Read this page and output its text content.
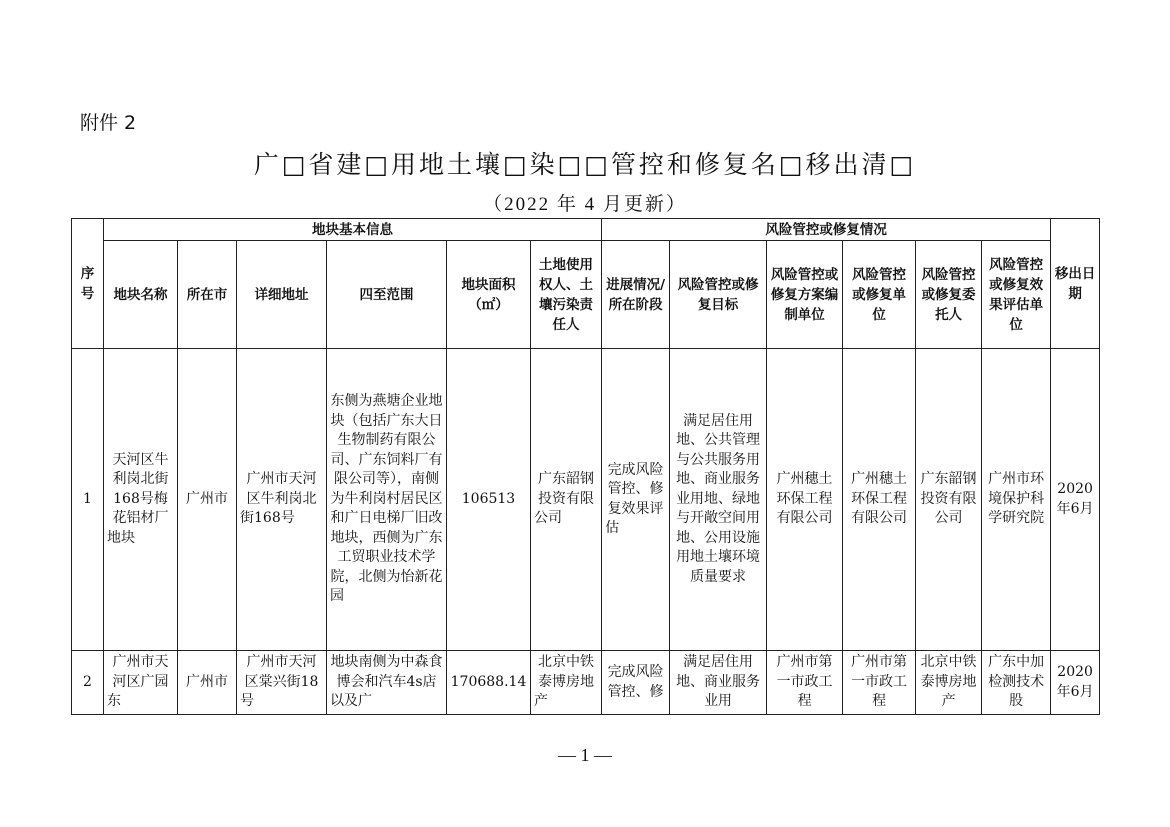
附件 2
广□省建□用地土壤□染□□管控和修复名□移出清□
（2022 年 4 月更新）
序号	地块基本信息						风险管控或修复情况						移出日期
	地块名称	所在市	详细地址	四至范围	地块面积（㎡）	土地使用权人、土壤污染责任人	进展情况/所在阶段	风险管控或修复目标	风险管控或修复方案编制单位	风险管控或修复单位	风险管控或修复委托人	风险管控或修复效果评估单位	
1	天河区牛利岗北街168号梅花铝材厂地块	广州市	广州市天河区牛利岗北街168号	东侧为燕塘企业地块（包括广东大日生物制药有限公司、广东饲料厂有限公司等），南侧为牛利岗村居民区和广日电梯厂旧改地块，西侧为广东工贸职业技术学院，北侧为怡新花园	106513	广东韶钢投资有限公司	完成风险管控、修复效果评估	满足居住用地、公共管理与公共服务用地、商业服务业用地、绿地与开敞空间用地、公用设施用地土壤环境质量要求	广州穗土环保工程有限公司	广州穗土环保工程有限公司	广东韶钢投资有限公司	广州市环境保护科学研究院	2020年6月
2	广州市天河区广园东	广州市	广州市天河区棠兴街18号	地块南侧为中森食博会和汽车4s店以及广	170688.14	北京中铁泰博房地产	完成风险管控、修	满足居住用地、商业服务业用	广州市第一市政工程	广州市第一市政工程	北京中铁泰博房地产	广东中加检测技术股	2020年6月
— 1 —
